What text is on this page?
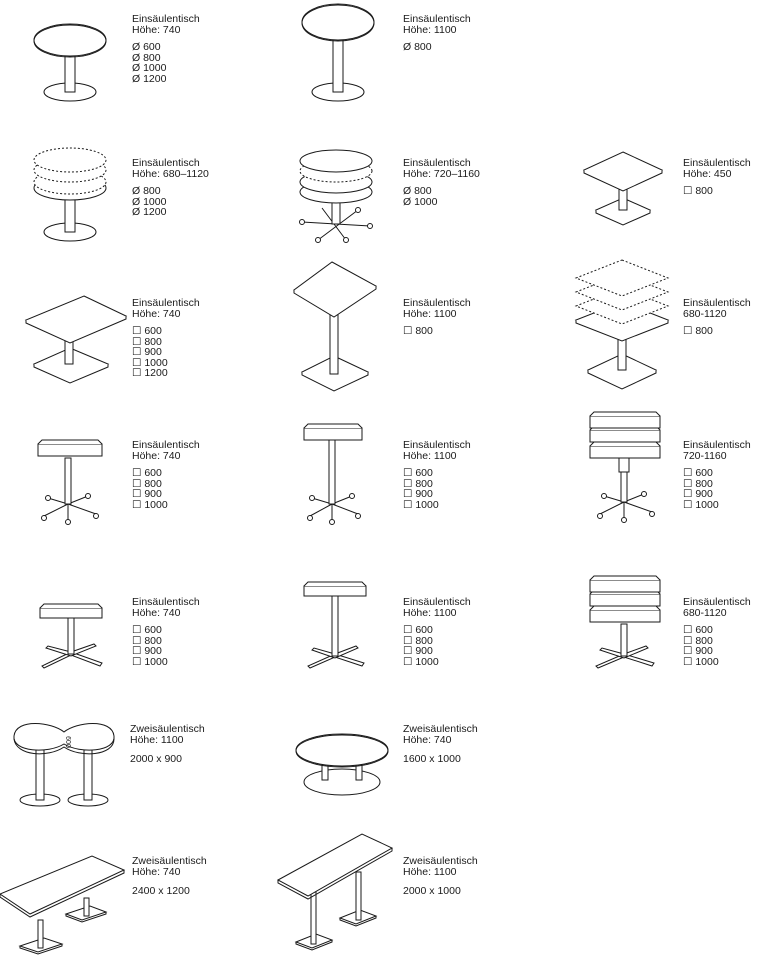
Einsäulentisch
Höhe: 740
Ø 600
Ø 800
Ø 1000
Ø 1200
Einsäulentisch
Höhe: 1100
Ø 800
Einsäulentisch
Höhe: 680–1120
Ø 800
Ø 1000
Ø 1200
Einsäulentisch
Höhe: 720–1160
Ø 800
Ø 1000
Einsäulentisch
Höhe: 450
☐ 800
Einsäulentisch
Höhe: 740
☐ 600
☐ 800
☐ 900
☐ 1000
☐ 1200
Einsäulentisch
Höhe: 1100
☐ 800
Einsäulentisch
680-1120
☐ 800
Einsäulentisch
Höhe: 740
☐ 600
☐ 800
☐ 900
☐ 1000
Einsäulentisch
Höhe: 1100
☐ 600
☐ 800
☐ 900
☐ 1000
Einsäulentisch
720-1160
☐ 600
☐ 800
☐ 900
☐ 1000
Einsäulentisch
Höhe: 740
☐ 600
☐ 800
☐ 900
☐ 1000
Einsäulentisch
Höhe: 1100
☐ 600
☐ 800
☐ 900
☐ 1000
Einsäulentisch
680-1120
☐ 600
☐ 800
☐ 900
☐ 1000
600
Zweisäulentisch
Höhe: 1100
2000 x 900
Zweisäulentisch
Höhe: 740
1600 x 1000
Zweisäulentisch
Höhe: 740
2400 x 1200
Zweisäulentisch
Höhe: 1100
2000 x 1000
